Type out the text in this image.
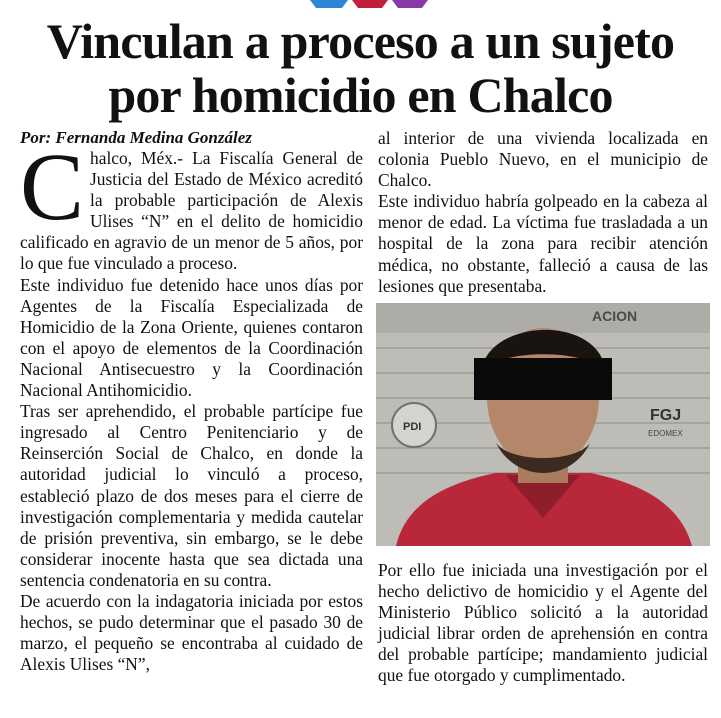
Vinculan a proceso a un sujeto
por homicidio en Chalco

Por: Fernanda Medina González

Chalco, Méx.- La Fiscalía General de Justicia del Estado de México acreditó la probable participación de Alexis Ulises “N” en el delito de homicidio calificado en agravio de un menor de 5 años, por lo que fue vinculado a proceso.

Este individuo fue detenido hace unos días por Agentes de la Fiscalía Especializada de Homicidio de la Zona Oriente, quienes contaron con el apoyo de elementos de la Coordinación Nacional Antisecuestro y la Coordinación Nacional Antihomicidio.

Tras ser aprehendido, el probable partícipe fue ingresado al Centro Penitenciario y de Reinserción Social de Chalco, en donde la autoridad judicial lo vinculó a proceso, estableció plazo de dos meses para el cierre de investigación complementaria y medida cautelar de prisión preventiva, sin embargo, se le debe considerar inocente hasta que sea dictada una sentencia condenatoria en su contra.

De acuerdo con la indagatoria iniciada por estos hechos, se pudo determinar que el pasado 30 de marzo, el pequeño se encontraba al cuidado de Alexis Ulises “N”,

al interior de una vivienda localizada en colonia Pueblo Nuevo, en el municipio de Chalco.

Este individuo habría golpeado en la cabeza al menor de edad. La víctima fue trasladada a un hospital de la zona para recibir atención médica, no obstante, falleció a causa de las lesiones que presentaba.

ACION
PDI
FGJ
EDOMEX

Por ello fue iniciada una investigación por el hecho delictivo de homicidio y el Agente del Ministerio Público solicitó a la autoridad judicial librar orden de aprehensión en contra del probable partícipe; mandamiento judicial que fue otorgado y cumplimentado.
